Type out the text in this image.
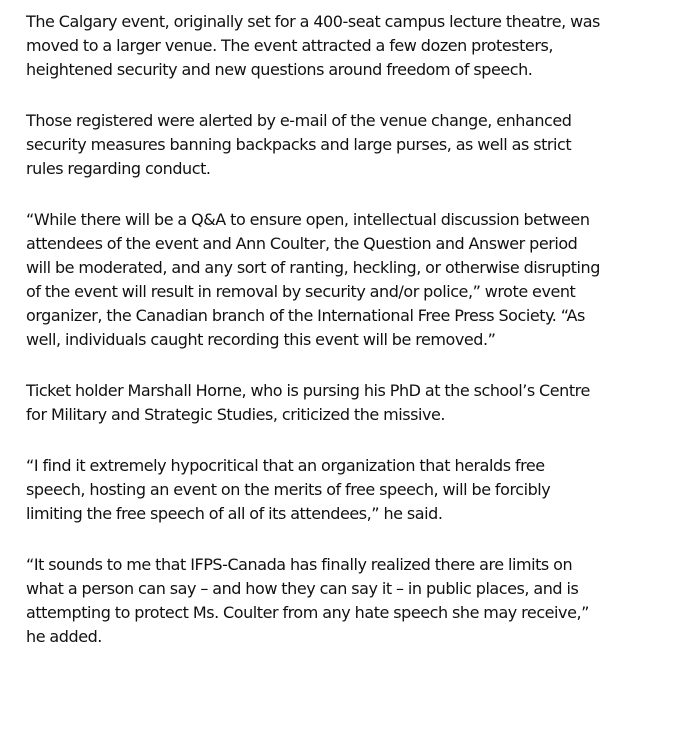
The Calgary event, originally set for a 400-seat campus lecture theatre, was
moved to a larger venue. The event attracted a few dozen protesters,
heightened security and new questions around freedom of speech.

Those registered were alerted by e-mail of the venue change, enhanced
security measures banning backpacks and large purses, as well as strict
rules regarding conduct.

“While there will be a Q&A to ensure open, intellectual discussion between
attendees of the event and Ann Coulter, the Question and Answer period
will be moderated, and any sort of ranting, heckling, or otherwise disrupting
of the event will result in removal by security and/or police,” wrote event
organizer, the Canadian branch of the International Free Press Society. “As
well, individuals caught recording this event will be removed.”

Ticket holder Marshall Horne, who is pursing his PhD at the school’s Centre
for Military and Strategic Studies, criticized the missive.

“I find it extremely hypocritical that an organization that heralds free
speech, hosting an event on the merits of free speech, will be forcibly
limiting the free speech of all of its attendees,” he said.

“It sounds to me that IFPS-Canada has finally realized there are limits on
what a person can say – and how they can say it – in public places, and is
attempting to protect Ms. Coulter from any hate speech she may receive,”
he added.
